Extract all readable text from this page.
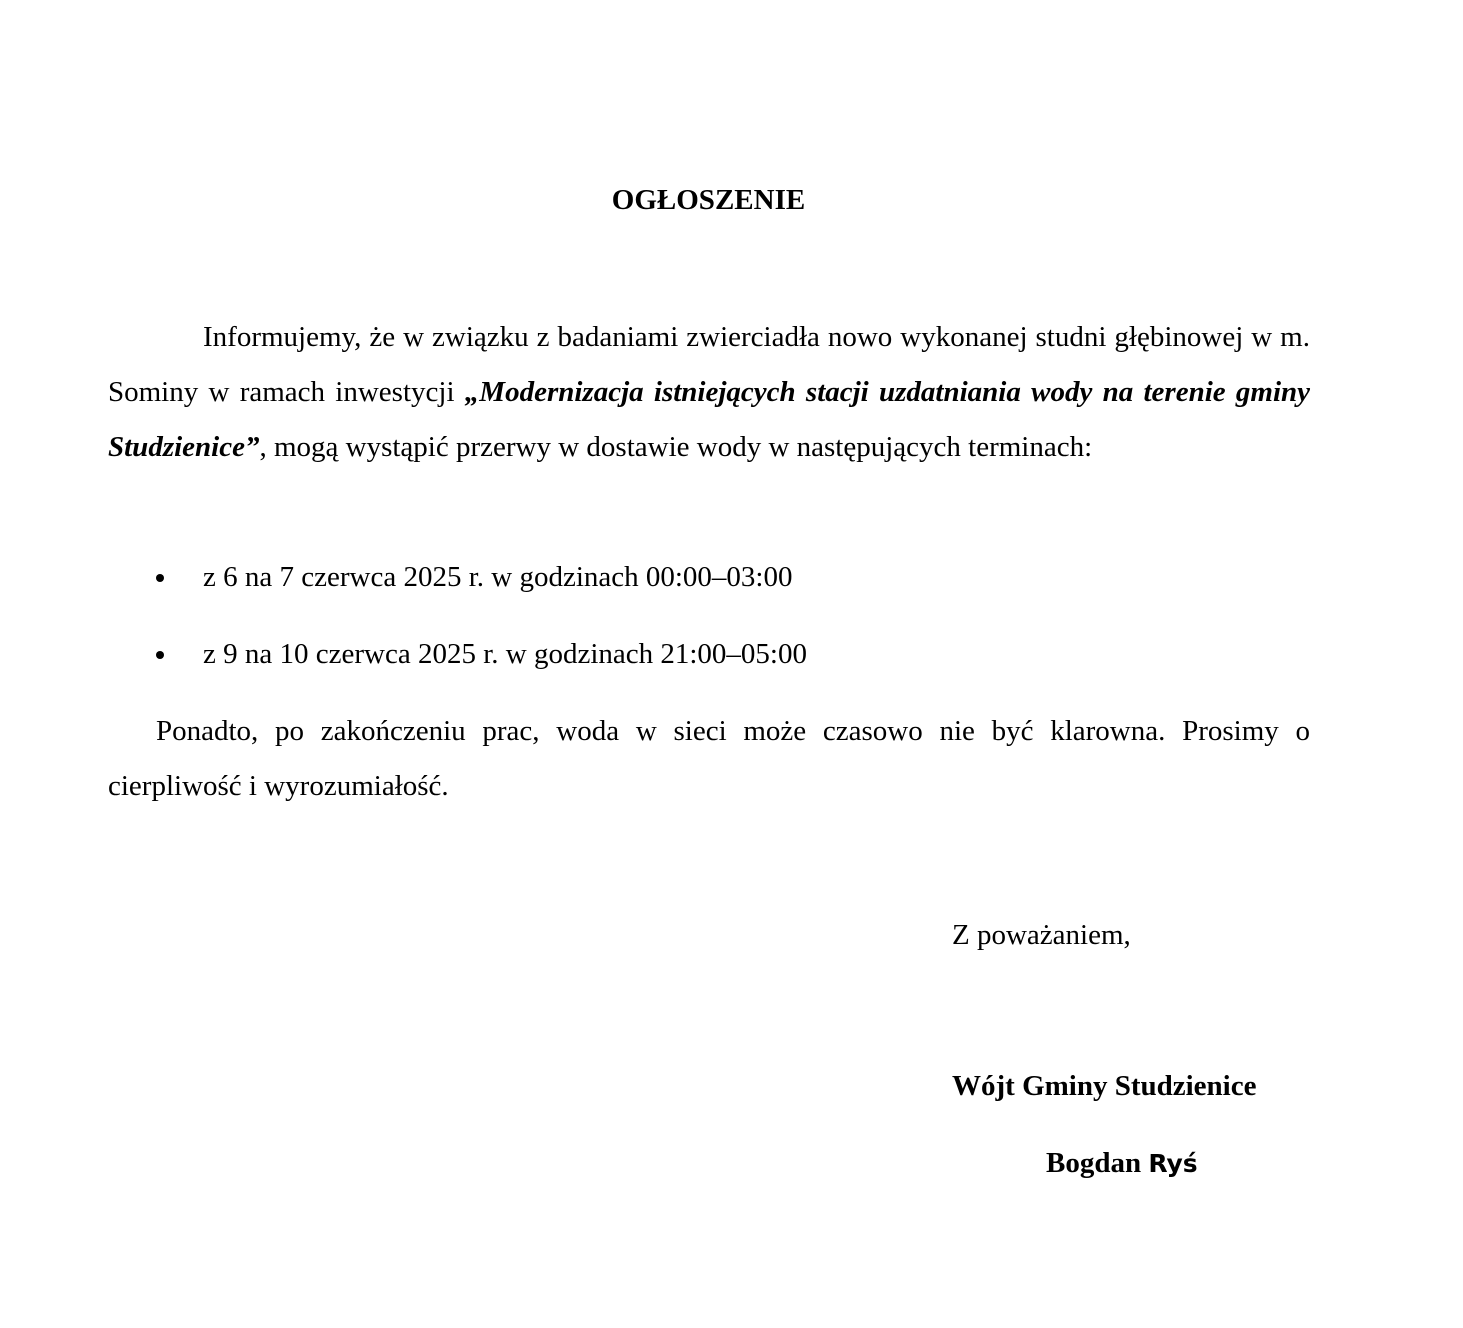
OGŁOSZENIE

Informujemy, że w związku z badaniami zwierciadła nowo wykonanej studni głębinowej w m. Sominy w ramach inwestycji „Modernizacja istniejących stacji uzdatniania wody na terenie gminy Studzienice”, mogą wystąpić przerwy w dostawie wody w następujących terminach:

z 6 na 7 czerwca 2025 r. w godzinach 00:00–03:00
z 9 na 10 czerwca 2025 r. w godzinach 21:00–05:00

Ponadto, po zakończeniu prac, woda w sieci może czasowo nie być klarowna. Prosimy o cierpliwość i wyrozumiałość.

Z poważaniem,

Wójt Gminy Studzienice

Bogdan Ryś
